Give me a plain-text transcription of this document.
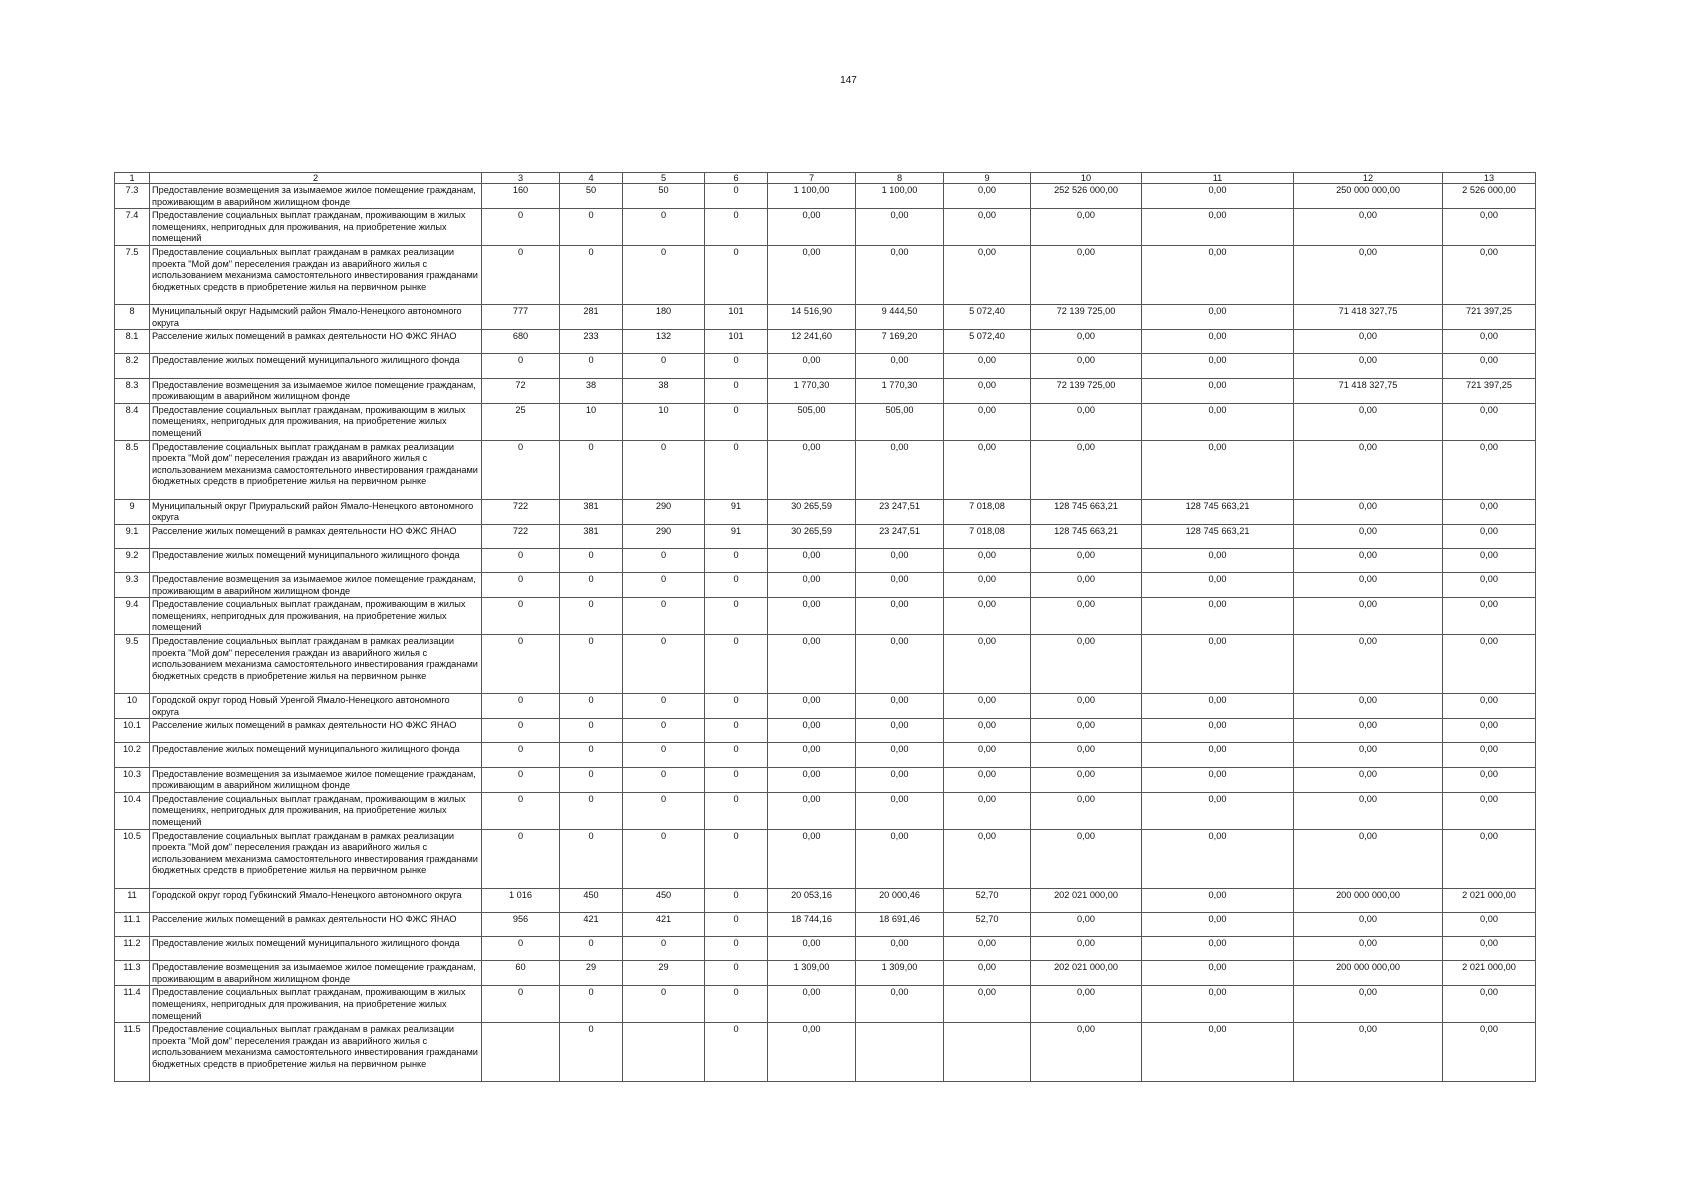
147
1	2	3	4	5	6	7	8	9	10	11	12	13
7.3	Предоставление возмещения за изымаемое жилое помещение гражданам, проживающим в аварийном жилищном фонде	160	50	50	0	1 100,00	1 100,00	0,00	252 526 000,00	0,00	250 000 000,00	2 526 000,00
7.4	Предоставление социальных выплат гражданам, проживающим в жилых помещениях, непригодных для проживания, на приобретение жилых помещений	0	0	0	0	0,00	0,00	0,00	0,00	0,00	0,00	0,00
7.5	Предоставление социальных выплат гражданам в рамках реализации проекта "Мой дом" переселения граждан из аварийного жилья с использованием механизма самостоятельного инвестирования гражданами бюджетных средств в приобретение жилья на первичном рынке	0	0	0	0	0,00	0,00	0,00	0,00	0,00	0,00	0,00
8	Муниципальный округ Надымский район Ямало-Ненецкого автономного округа	777	281	180	101	14 516,90	9 444,50	5 072,40	72 139 725,00	0,00	71 418 327,75	721 397,25
8.1	Расселение жилых помещений в рамках деятельности НО ФЖС ЯНАО	680	233	132	101	12 241,60	7 169,20	5 072,40	0,00	0,00	0,00	0,00
8.2	Предоставление жилых помещений муниципального жилищного фонда	0	0	0	0	0,00	0,00	0,00	0,00	0,00	0,00	0,00
8.3	Предоставление возмещения за изымаемое жилое помещение гражданам, проживающим в аварийном жилищном фонде	72	38	38	0	1 770,30	1 770,30	0,00	72 139 725,00	0,00	71 418 327,75	721 397,25
8.4	Предоставление социальных выплат гражданам, проживающим в жилых помещениях, непригодных для проживания, на приобретение жилых помещений	25	10	10	0	505,00	505,00	0,00	0,00	0,00	0,00	0,00
8.5	Предоставление социальных выплат гражданам в рамках реализации проекта "Мой дом" переселения граждан из аварийного жилья с использованием механизма самостоятельного инвестирования гражданами бюджетных средств в приобретение жилья на первичном рынке	0	0	0	0	0,00	0,00	0,00	0,00	0,00	0,00	0,00
9	Муниципальный округ Приуральский район Ямало-Ненецкого автономного округа	722	381	290	91	30 265,59	23 247,51	7 018,08	128 745 663,21	128 745 663,21	0,00	0,00
9.1	Расселение жилых помещений в рамках деятельности НО ФЖС ЯНАО	722	381	290	91	30 265,59	23 247,51	7 018,08	128 745 663,21	128 745 663,21	0,00	0,00
9.2	Предоставление жилых помещений муниципального жилищного фонда	0	0	0	0	0,00	0,00	0,00	0,00	0,00	0,00	0,00
9.3	Предоставление возмещения за изымаемое жилое помещение гражданам, проживающим в аварийном жилищном фонде	0	0	0	0	0,00	0,00	0,00	0,00	0,00	0,00	0,00
9.4	Предоставление социальных выплат гражданам, проживающим в жилых помещениях, непригодных для проживания, на приобретение жилых помещений	0	0	0	0	0,00	0,00	0,00	0,00	0,00	0,00	0,00
9.5	Предоставление социальных выплат гражданам в рамках реализации проекта "Мой дом" переселения граждан из аварийного жилья с использованием механизма самостоятельного инвестирования гражданами бюджетных средств в приобретение жилья на первичном рынке	0	0	0	0	0,00	0,00	0,00	0,00	0,00	0,00	0,00
10	Городской округ город Новый Уренгой Ямало-Ненецкого автономного округа	0	0	0	0	0,00	0,00	0,00	0,00	0,00	0,00	0,00
10.1	Расселение жилых помещений в рамках деятельности НО ФЖС ЯНАО	0	0	0	0	0,00	0,00	0,00	0,00	0,00	0,00	0,00
10.2	Предоставление жилых помещений муниципального жилищного фонда	0	0	0	0	0,00	0,00	0,00	0,00	0,00	0,00	0,00
10.3	Предоставление возмещения за изымаемое жилое помещение гражданам, проживающим в аварийном жилищном фонде	0	0	0	0	0,00	0,00	0,00	0,00	0,00	0,00	0,00
10.4	Предоставление социальных выплат гражданам, проживающим в жилых помещениях, непригодных для проживания, на приобретение жилых помещений	0	0	0	0	0,00	0,00	0,00	0,00	0,00	0,00	0,00
10.5	Предоставление социальных выплат гражданам в рамках реализации проекта "Мой дом" переселения граждан из аварийного жилья с использованием механизма самостоятельного инвестирования гражданами бюджетных средств в приобретение жилья на первичном рынке	0	0	0	0	0,00	0,00	0,00	0,00	0,00	0,00	0,00
11	Городской округ город Губкинский Ямало-Ненецкого автономного округа	1 016	450	450	0	20 053,16	20 000,46	52,70	202 021 000,00	0,00	200 000 000,00	2 021 000,00
11.1	Расселение жилых помещений в рамках деятельности НО ФЖС ЯНАО	956	421	421	0	18 744,16	18 691,46	52,70	0,00	0,00	0,00	0,00
11.2	Предоставление жилых помещений муниципального жилищного фонда	0	0	0	0	0,00	0,00	0,00	0,00	0,00	0,00	0,00
11.3	Предоставление возмещения за изымаемое жилое помещение гражданам, проживающим в аварийном жилищном фонде	60	29	29	0	1 309,00	1 309,00	0,00	202 021 000,00	0,00	200 000 000,00	2 021 000,00
11.4	Предоставление социальных выплат гражданам, проживающим в жилых помещениях, непригодных для проживания, на приобретение жилых помещений	0	0	0	0	0,00	0,00	0,00	0,00	0,00	0,00	0,00
11.5	Предоставление социальных выплат гражданам в рамках реализации проекта "Мой дом" переселения граждан из аварийного жилья с использованием механизма самостоятельного инвестирования гражданами бюджетных средств в приобретение жилья на первичном рынке		0		0	0,00			0,00	0,00	0,00	0,00
